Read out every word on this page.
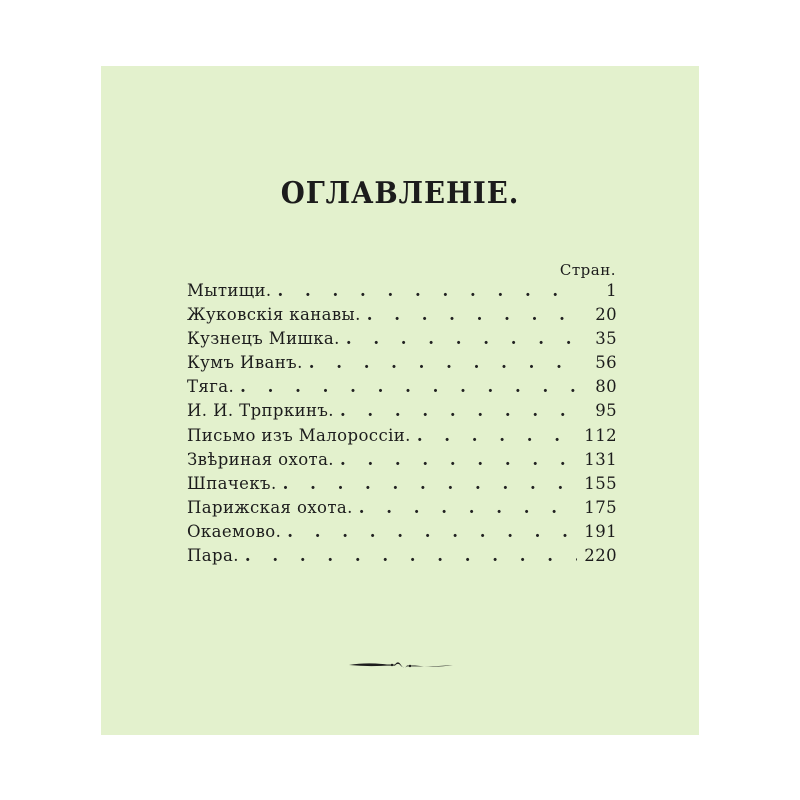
ОГЛАВЛЕНІЕ.
Стран.
Мытищи. . . .	1
Жуковскія канавы. . . .	20
Кузнецъ Мишка. . . .	35
Кумъ Иванъ. . . .	56
Тяга. . . .	80
И. И. Трпркинъ. . . .	95
Письмо изъ Малороссіи. . . .	112
Звѣриная охота. . . .	131
Шпачекъ. . . .	155
Парижская охота. . . .	175
Окаемово. . . .	191
Пара. . . .	220
